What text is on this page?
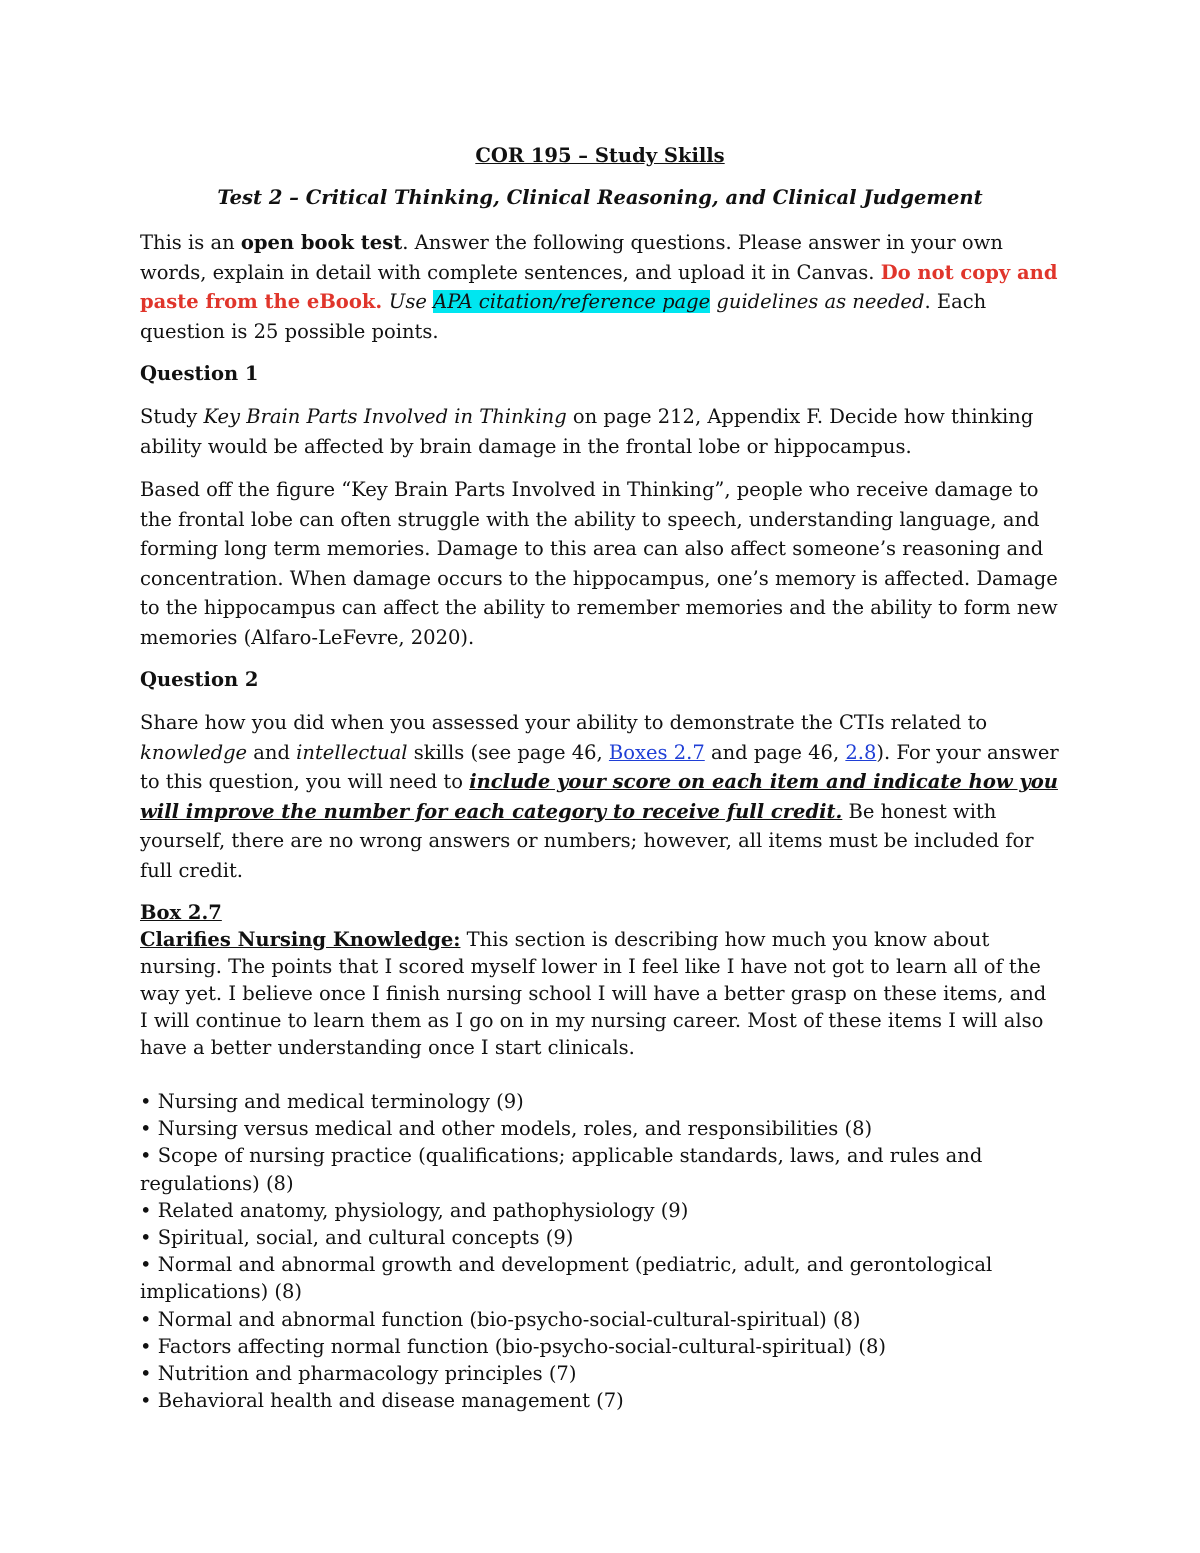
COR 195 – Study Skills

Test 2 – Critical Thinking, Clinical Reasoning, and Clinical Judgement

This is an open book test. Answer the following questions. Please answer in your own words, explain in detail with complete sentences, and upload it in Canvas. Do not copy and paste from the eBook. Use APA citation/reference page guidelines as needed. Each question is 25 possible points.

Question 1

Study Key Brain Parts Involved in Thinking on page 212, Appendix F. Decide how thinking ability would be affected by brain damage in the frontal lobe or hippocampus.

Based off the figure “Key Brain Parts Involved in Thinking”, people who receive damage to the frontal lobe can often struggle with the ability to speech, understanding language, and forming long term memories. Damage to this area can also affect someone’s reasoning and concentration. When damage occurs to the hippocampus, one’s memory is affected. Damage to the hippocampus can affect the ability to remember memories and the ability to form new memories (Alfaro-LeFevre, 2020).

Question 2

Share how you did when you assessed your ability to demonstrate the CTIs related to knowledge and intellectual skills (see page 46, Boxes 2.7 and page 46, 2.8). For your answer to this question, you will need to include your score on each item and indicate how you will improve the number for each category to receive full credit. Be honest with yourself, there are no wrong answers or numbers; however, all items must be included for full credit.

Box 2.7

Clarifies Nursing Knowledge: This section is describing how much you know about nursing. The points that I scored myself lower in I feel like I have not got to learn all of the way yet. I believe once I finish nursing school I will have a better grasp on these items, and I will continue to learn them as I go on in my nursing career. Most of these items I will also have a better understanding once I start clinicals.

• Nursing and medical terminology (9)
• Nursing versus medical and other models, roles, and responsibilities (8)
• Scope of nursing practice (qualifications; applicable standards, laws, and rules and regulations) (8)
• Related anatomy, physiology, and pathophysiology (9)
• Spiritual, social, and cultural concepts (9)
• Normal and abnormal growth and development (pediatric, adult, and gerontological implications) (8)
• Normal and abnormal function (bio-psycho-social-cultural-spiritual) (8)
• Factors affecting normal function (bio-psycho-social-cultural-spiritual) (8)
• Nutrition and pharmacology principles (7)
• Behavioral health and disease management (7)
